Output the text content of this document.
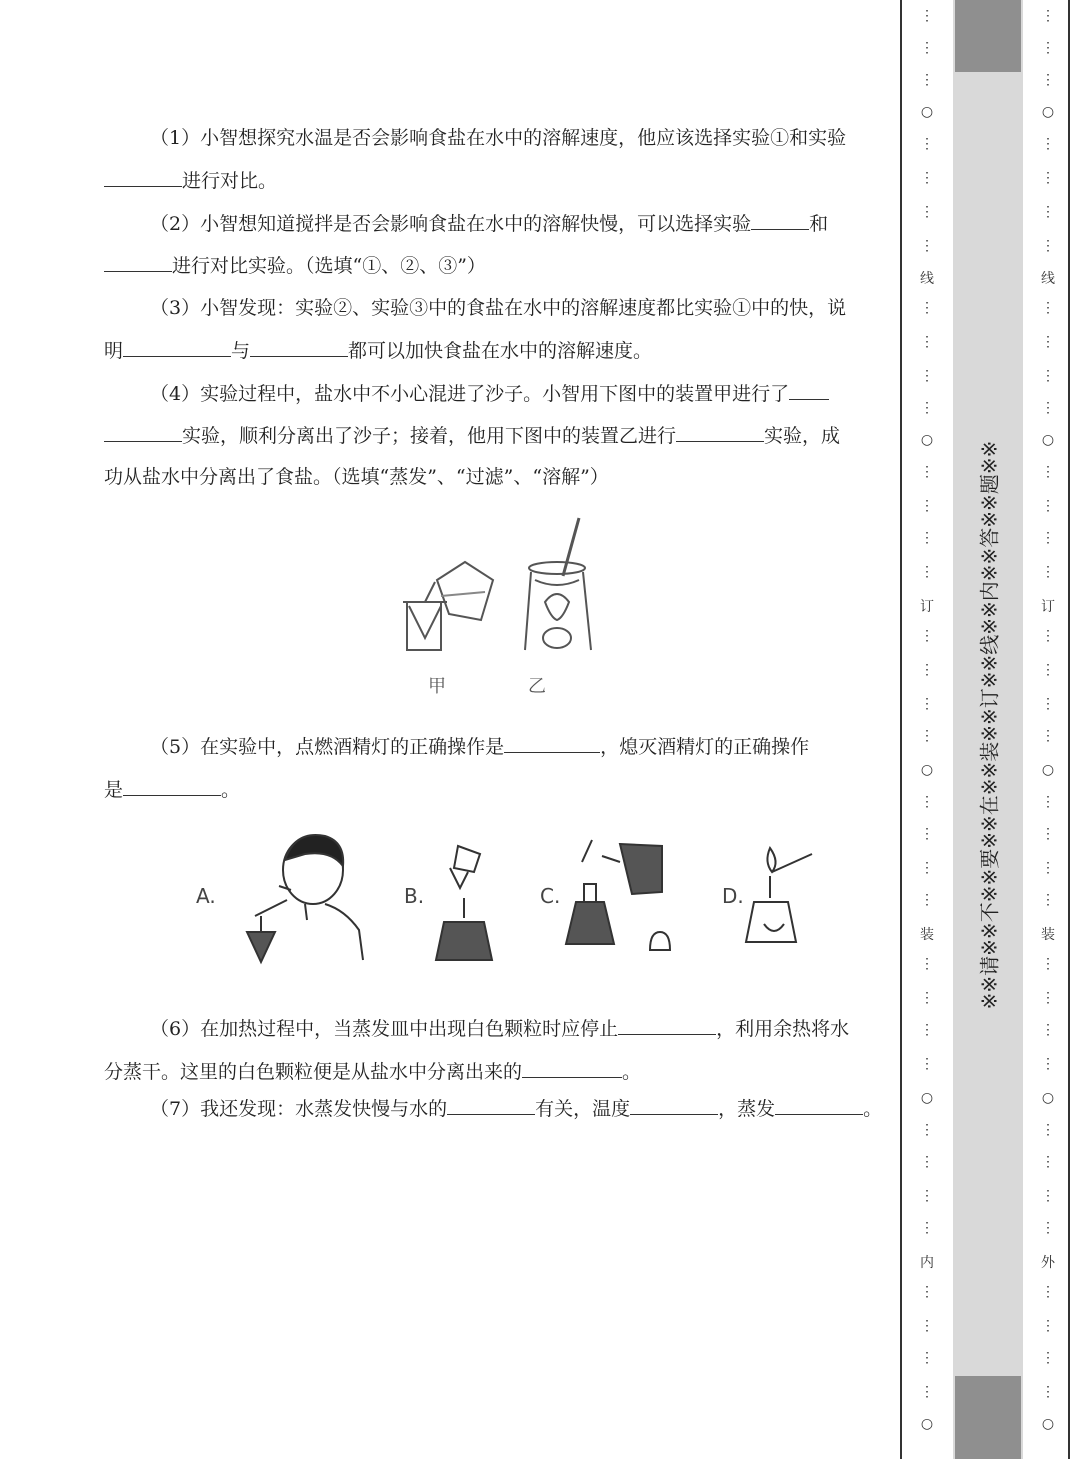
（1）小智想探究水温是否会影响食盐在水中的溶解速度，他应该选择实验①和实验
进行对比。
（2）小智想知道搅拌是否会影响食盐在水中的溶解快慢，可以选择实验	和
进行对比实验。（选填“①、②、③”）
（3）小智发现：实验②、实验③中的食盐在水中的溶解速度都比实验①中的快，说
明	与	都可以加快食盐在水中的溶解速度。
（4）实验过程中，盐水中不小心混进了沙子。小智用下图中的装置甲进行了
实验，顺利分离出了沙子；接着，他用下图中的装置乙进行	实验，成
功从盐水中分离出了食盐。（选填“蒸发”、“过滤”、“溶解”）
甲	乙
（5）在实验中，点燃酒精灯的正确操作是	，熄灭酒精灯的正确操作
是	。
A.	B.	C.	D.
（6）在加热过程中，当蒸发皿中出现白色颗粒时应停止	，利用余热将水
分蒸干。这里的白色颗粒便是从盐水中分离出来的	。
（7）我还发现：水蒸发快慢与水的	有关，温度	，蒸发	。
⋮
⋮
⋮
○
⋮
⋮
⋮
⋮
线
⋮
⋮
⋮
⋮
○
⋮
⋮
⋮
⋮
订
⋮
⋮
⋮
⋮
○
⋮
⋮
⋮
⋮
装
⋮
⋮
⋮
⋮
○
⋮
⋮
⋮
⋮
内
⋮
⋮
⋮
⋮
○
※※请※※不※※要※※在※※装※※订※※线※※内※※答※※题※※
⋮
⋮
⋮
○
⋮
⋮
⋮
⋮
线
⋮
⋮
⋮
⋮
○
⋮
⋮
⋮
⋮
订
⋮
⋮
⋮
⋮
○
⋮
⋮
⋮
⋮
装
⋮
⋮
⋮
⋮
○
⋮
⋮
⋮
⋮
外
⋮
⋮
⋮
⋮
○
